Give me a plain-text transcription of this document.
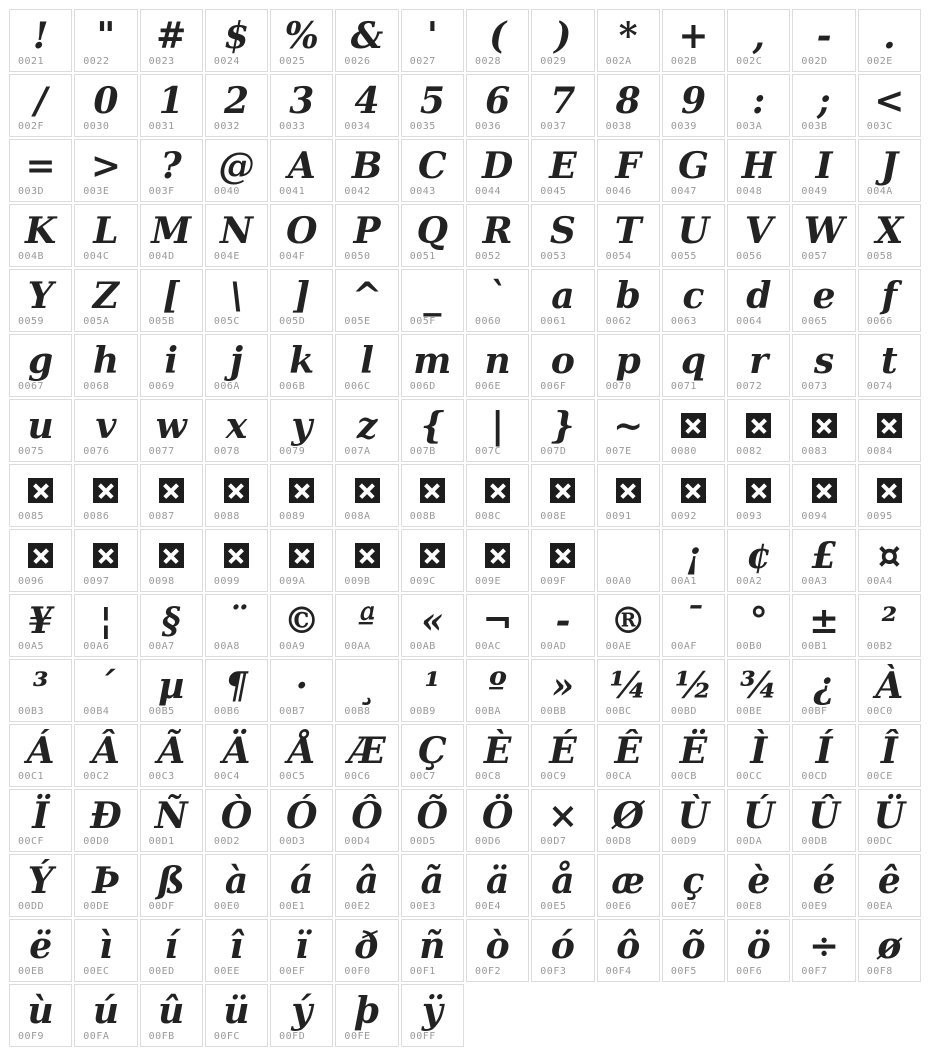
!
0021
"
0022
#
0023
$
0024
%
0025
&
0026
'
0027
(
0028
)
0029
*
002A
+
002B
,
002C
-
002D
.
002E
/
002F
0
0030
1
0031
2
0032
3
0033
4
0034
5
0035
6
0036
7
0037
8
0038
9
0039
:
003A
;
003B
<
003C
=
003D
>
003E
?
003F
@
0040
A
0041
B
0042
C
0043
D
0044
E
0045
F
0046
G
0047
H
0048
I
0049
J
004A
K
004B
L
004C
M
004D
N
004E
O
004F
P
0050
Q
0051
R
0052
S
0053
T
0054
U
0055
V
0056
W
0057
X
0058
Y
0059
Z
005A
[
005B
\
005C
]
005D
^
005E
_
005F
`
0060
a
0061
b
0062
c
0063
d
0064
e
0065
f
0066
g
0067
h
0068
i
0069
j
006A
k
006B
l
006C
m
006D
n
006E
o
006F
p
0070
q
0071
r
0072
s
0073
t
0074
u
0075
v
0076
w
0077
x
0078
y
0079
z
007A
{
007B
|
007C
}
007D
~
007E	0080	0082	0083	0084
0085	0086	0087	0088	0089	008A	008B	008C	008E	0091	0092	0093	0094	0095
0096	0097	0098	0099	009A	009B	009C	009E	009F	00A0
¡
00A1
¢
00A2
£
00A3
¤
00A4
¥
00A5
¦
00A6
§
00A7
¨
00A8
©
00A9
ª
00AA
«
00AB
¬
00AC
-
00AD
®
00AE
¯
00AF
°
00B0
±
00B1
²
00B2
³
00B3
´
00B4
µ
00B5
¶
00B6
·
00B7
¸
00B8
¹
00B9
º
00BA
»
00BB
¼
00BC
½
00BD
¾
00BE
¿
00BF
À
00C0
Á
00C1
Â
00C2
Ã
00C3
Ä
00C4
Å
00C5
Æ
00C6
Ç
00C7
È
00C8
É
00C9
Ê
00CA
Ë
00CB
Ì
00CC
Í
00CD
Î
00CE
Ï
00CF
Ð
00D0
Ñ
00D1
Ò
00D2
Ó
00D3
Ô
00D4
Õ
00D5
Ö
00D6
×
00D7
Ø
00D8
Ù
00D9
Ú
00DA
Û
00DB
Ü
00DC
Ý
00DD
Þ
00DE
ß
00DF
à
00E0
á
00E1
â
00E2
ã
00E3
ä
00E4
å
00E5
æ
00E6
ç
00E7
è
00E8
é
00E9
ê
00EA
ë
00EB
ì
00EC
í
00ED
î
00EE
ï
00EF
ð
00F0
ñ
00F1
ò
00F2
ó
00F3
ô
00F4
õ
00F5
ö
00F6
÷
00F7
ø
00F8
ù
00F9
ú
00FA
û
00FB
ü
00FC
ý
00FD
þ
00FE
ÿ
00FF
